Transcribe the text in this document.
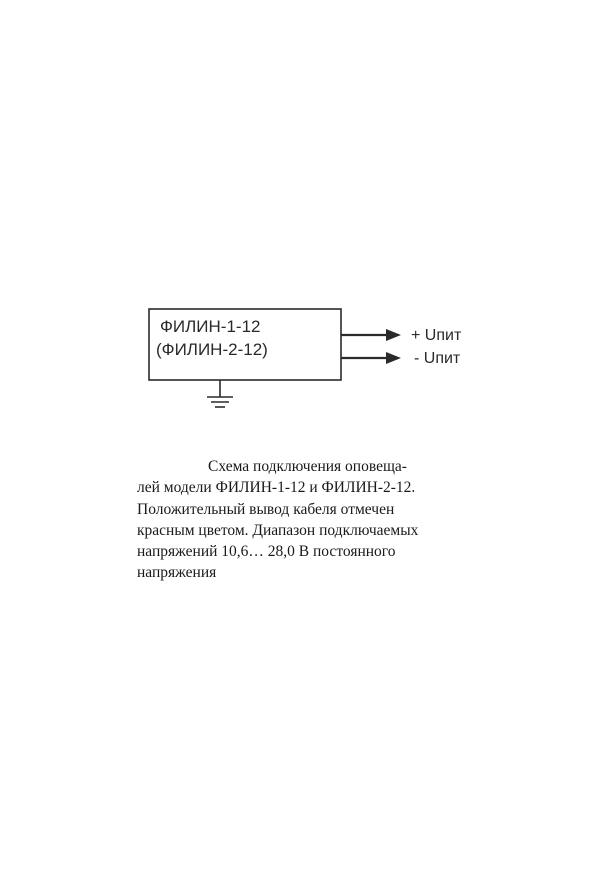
ФИЛИН-1-12
(ФИЛИН-2-12)
+ Uпит
- Uпит
Схема подключения оповеща-
лей модели ФИЛИН-1-12 и ФИЛИН-2-12.
Положительный вывод кабеля отмечен
красным цветом. Диапазон подключаемых
напряжений 10,6… 28,0 В постоянного
напряжения
